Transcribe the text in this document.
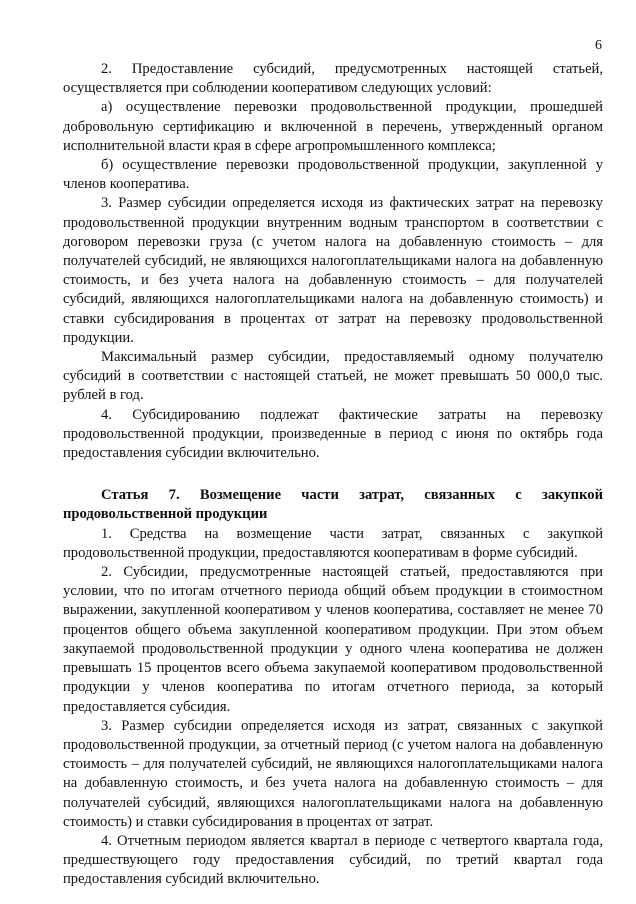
6

2. Предоставление субсидий, предусмотренных настоящей статьей, осуществляется при соблюдении кооперативом следующих условий:

а) осуществление перевозки продовольственной продукции, прошедшей добровольную сертификацию и включенной в перечень, утвержденный органом исполнительной власти края в сфере агропромышленного комплекса;

б) осуществление перевозки продовольственной продукции, закупленной у членов кооператива.

3. Размер субсидии определяется исходя из фактических затрат на перевозку продовольственной продукции внутренним водным транспортом в соответствии с договором перевозки груза (с учетом налога на добавленную стоимость – для получателей субсидий, не являющихся налогоплательщиками налога на добавленную стоимость, и без учета налога на добавленную стоимость – для получателей субсидий, являющихся налогоплательщиками налога на добавленную стоимость) и ставки субсидирования в процентах от затрат на перевозку продовольственной продукции.

Максимальный размер субсидии, предоставляемый одному получателю субсидий в соответствии с настоящей статьей, не может превышать 50 000,0 тыс. рублей в год.

4. Субсидированию подлежат фактические затраты на перевозку продовольственной продукции, произведенные в период с июня по октябрь года предоставления субсидии включительно.

Статья 7. Возмещение части затрат, связанных с закупкой продовольственной продукции

1. Средства на возмещение части затрат, связанных с закупкой продовольственной продукции, предоставляются кооперативам в форме субсидий.

2. Субсидии, предусмотренные настоящей статьей, предоставляются при условии, что по итогам отчетного периода общий объем продукции в стоимостном выражении, закупленной кооперативом у членов кооператива, составляет не менее 70 процентов общего объема закупленной кооперативом продукции. При этом объем закупаемой продовольственной продукции у одного члена кооператива не должен превышать 15 процентов всего объема закупаемой кооперативом продовольственной продукции у членов кооператива по итогам отчетного периода, за который предоставляется субсидия.

3. Размер субсидии определяется исходя из затрат, связанных с закупкой продовольственной продукции, за отчетный период (с учетом налога на добавленную стоимость – для получателей субсидий, не являющихся налогоплательщиками налога на добавленную стоимость, и без учета налога на добавленную стоимость – для получателей субсидий, являющихся налогоплательщиками налога на добавленную стоимость) и ставки субсидирования в процентах от затрат.

4. Отчетным периодом является квартал в периоде с четвертого квартала года, предшествующего году предоставления субсидий, по третий квартал года предоставления субсидий включительно.
